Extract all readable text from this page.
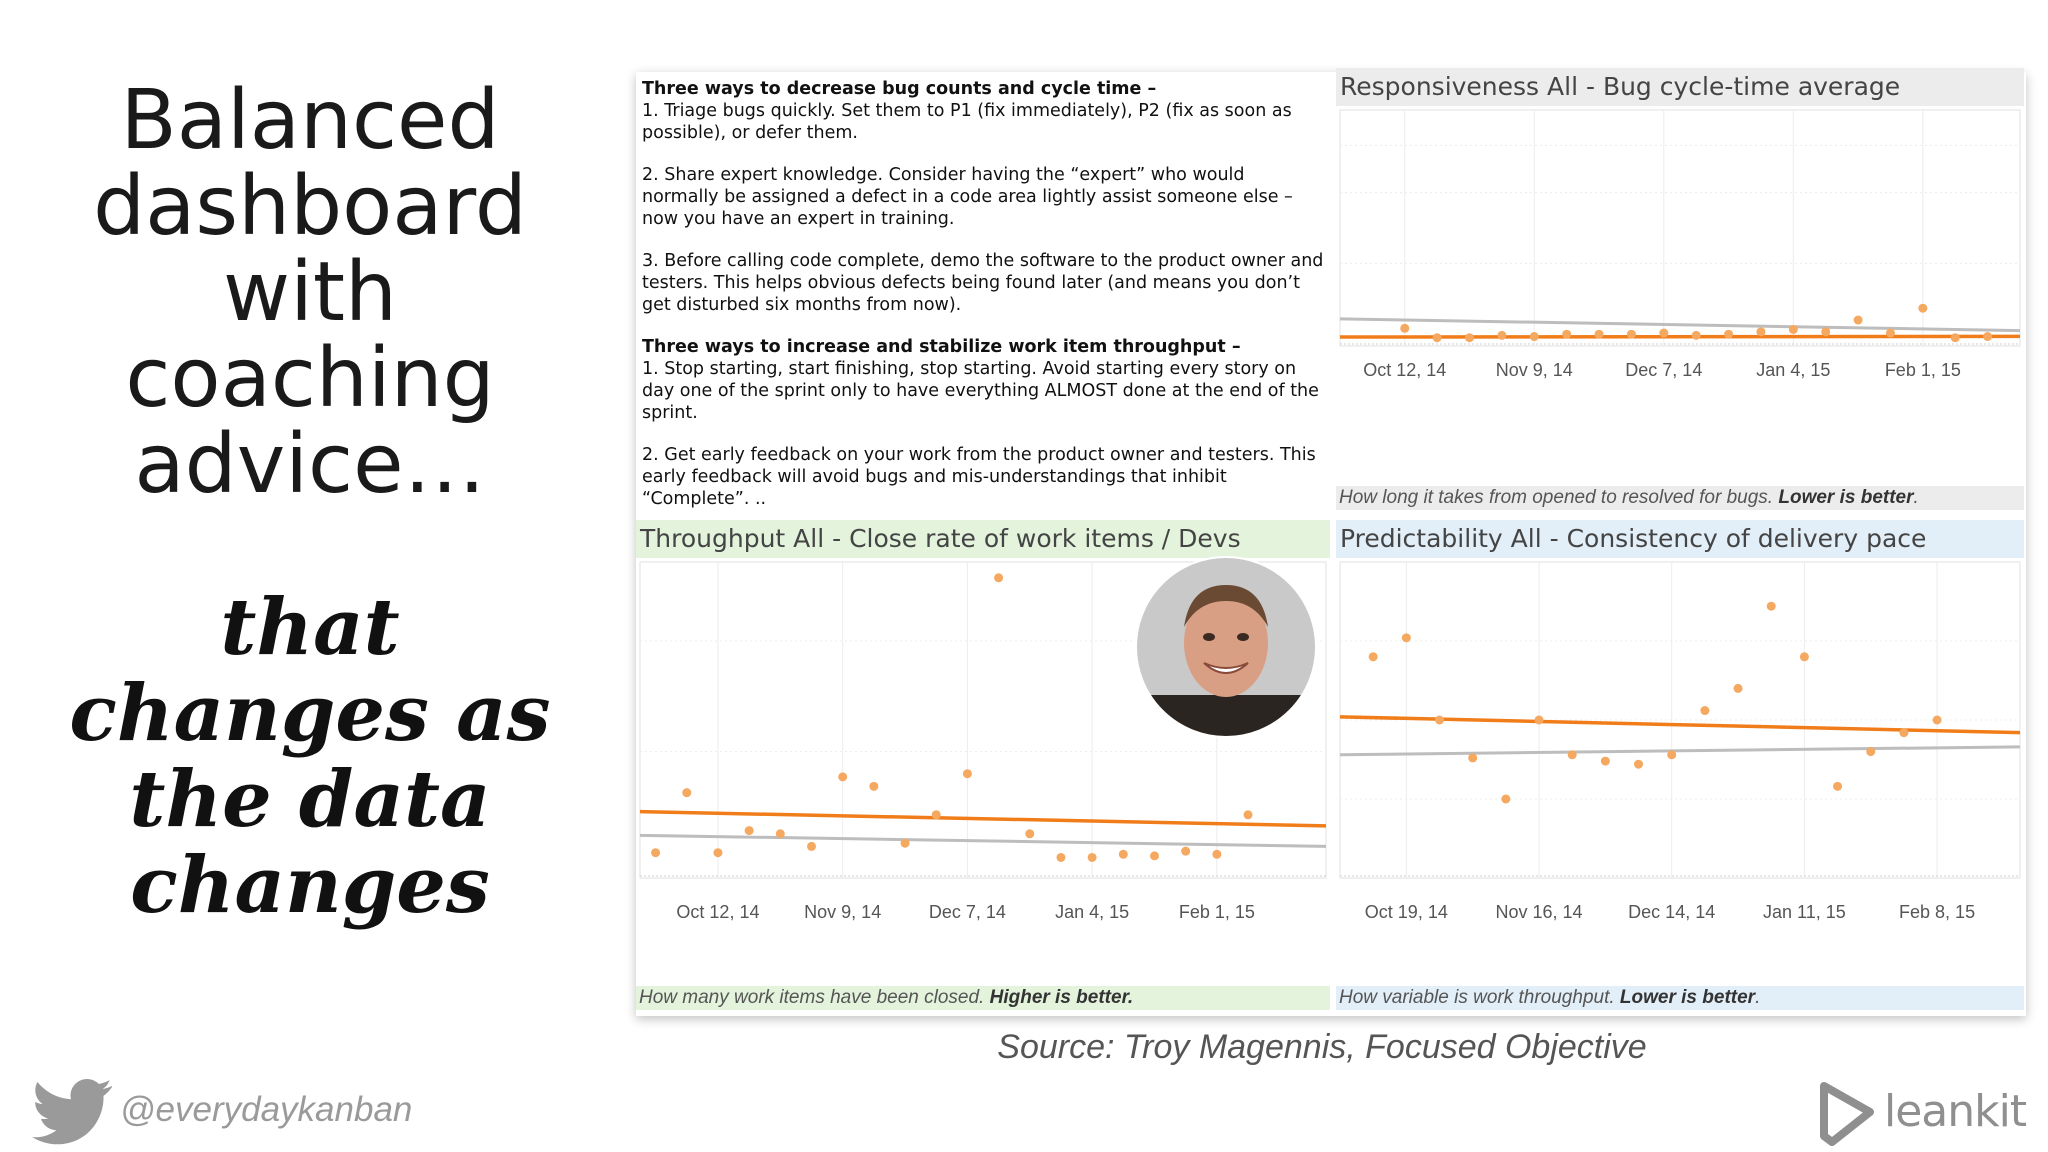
Balanced
dashboard
with
coaching
advice…
that
changes as
the data
changes

Three ways to decrease bug counts and cycle time –

1. Triage bugs quickly. Set them to P1 (fix immediately), P2 (fix as soon as possible), or defer them.

2. Share expert knowledge. Consider having the “expert” who would normally be assigned a defect in a code area lightly assist someone else – now you have an expert in training.

3. Before calling code complete, demo the software to the product owner and testers. This helps obvious defects being found later (and means you don’t get disturbed six months from now).

Three ways to increase and stabilize work item throughput –

1. Stop starting, start finishing, stop starting. Avoid starting every story on day one of the sprint only to have everything ALMOST done at the end of the sprint.

2. Get early feedback on your work from the product owner and testers. This early feedback will avoid bugs and mis-understandings that inhibit “Complete”. ..

Responsiveness All - Bug cycle-time average
Oct 12, 14	Nov 9, 14	Dec 7, 14	Jan 4, 15	Feb 1, 15
How long it takes from opened to resolved for bugs. Lower is better.
Throughput All - Close rate of work items / Devs
Oct 12, 14 Nov 9, 14	Dec 7, 14	Jan 4, 15	Feb 1, 15
How many work items have been closed. Higher is better.
Predictability All - Consistency of delivery pace
Oct 19, 14	Nov 16, 14	Dec 14, 14	Jan 11, 15	Feb 8, 15
How variable is work throughput. Lower is better.
Source: Troy Magennis, Focused Objective
@everydaykanban	leankit
